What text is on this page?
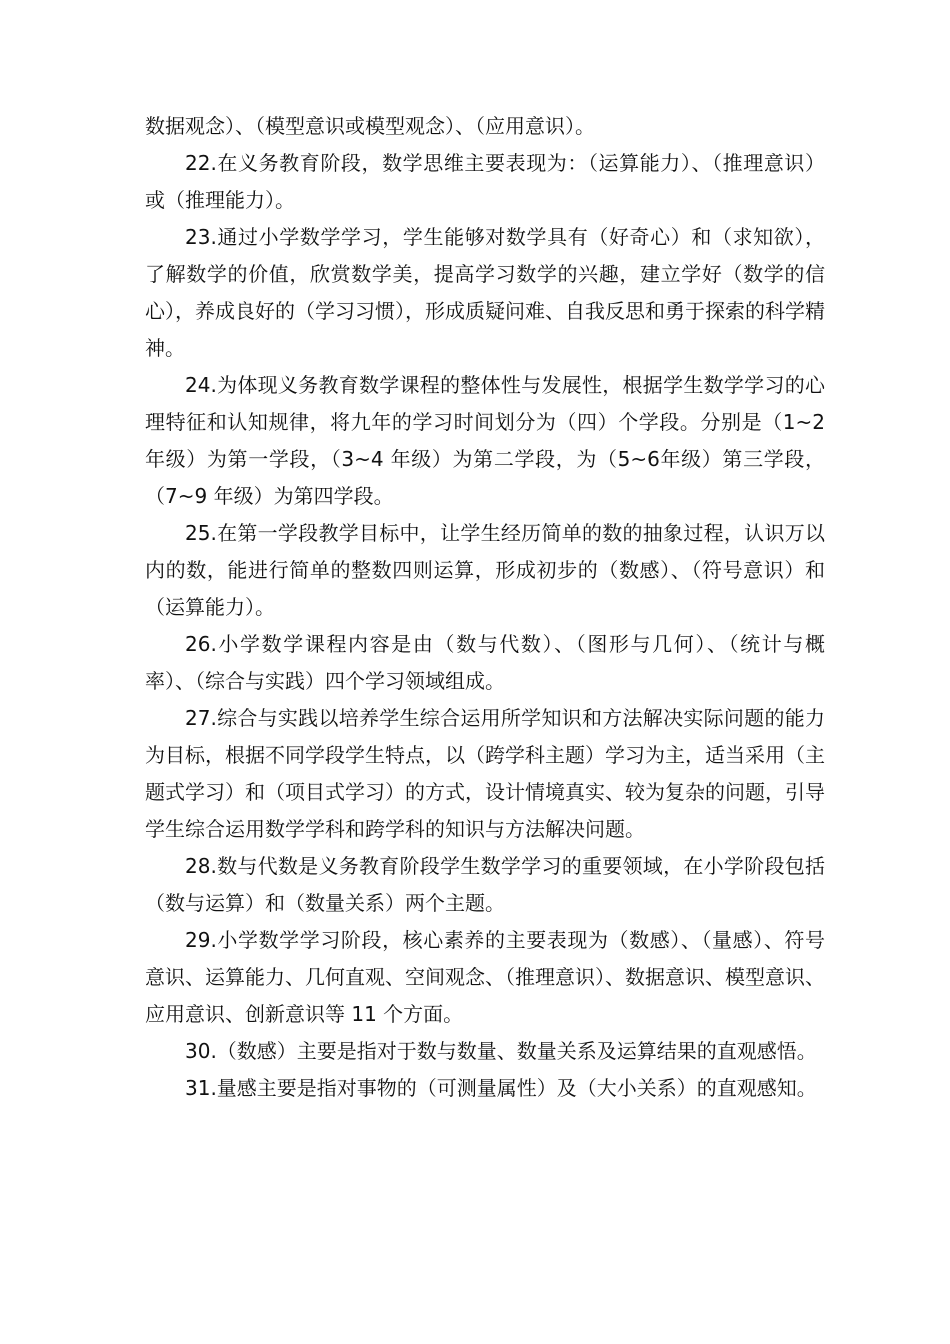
数据观念）、（模型意识或模型观念）、（应用意识）。

22.在义务教育阶段，数学思维主要表现为：（运算能力）、（推理意识）或（推理能力）。

23.通过小学数学学习，学生能够对数学具有（好奇心）和（求知欲），了解数学的价值，欣赏数学美，提高学习数学的兴趣，建立学好（数学的信心），养成良好的（学习习惯），形成质疑问难、自我反思和勇于探索的科学精神。

24.为体现义务教育数学课程的整体性与发展性，根据学生数学学习的心理特征和认知规律，将九年的学习时间划分为（四）个学段。分别是（1~2 年级）为第一学段，（3~4 年级）为第二学段，为（5~6年级）第三学段，（7~9 年级）为第四学段。

25.在第一学段教学目标中，让学生经历简单的数的抽象过程，认识万以内的数，能进行简单的整数四则运算，形成初步的（数感）、（符号意识）和（运算能力）。

26.小学数学课程内容是由（数与代数）、（图形与几何）、（统计与概率）、（综合与实践）四个学习领域组成。

27.综合与实践以培养学生综合运用所学知识和方法解决实际问题的能力为目标，根据不同学段学生特点，以（跨学科主题）学习为主，适当采用（主题式学习）和（项目式学习）的方式，设计情境真实、较为复杂的问题，引导学生综合运用数学学科和跨学科的知识与方法解决问题。

28.数与代数是义务教育阶段学生数学学习的重要领域，在小学阶段包括（数与运算）和（数量关系）两个主题。

29.小学数学学习阶段，核心素养的主要表现为（数感）、（量感）、符号意识、运算能力、几何直观、空间观念、（推理意识）、数据意识、模型意识、应用意识、创新意识等 11 个方面。

30.（数感）主要是指对于数与数量、数量关系及运算结果的直观感悟。

31.量感主要是指对事物的（可测量属性）及（大小关系）的直观感知。
